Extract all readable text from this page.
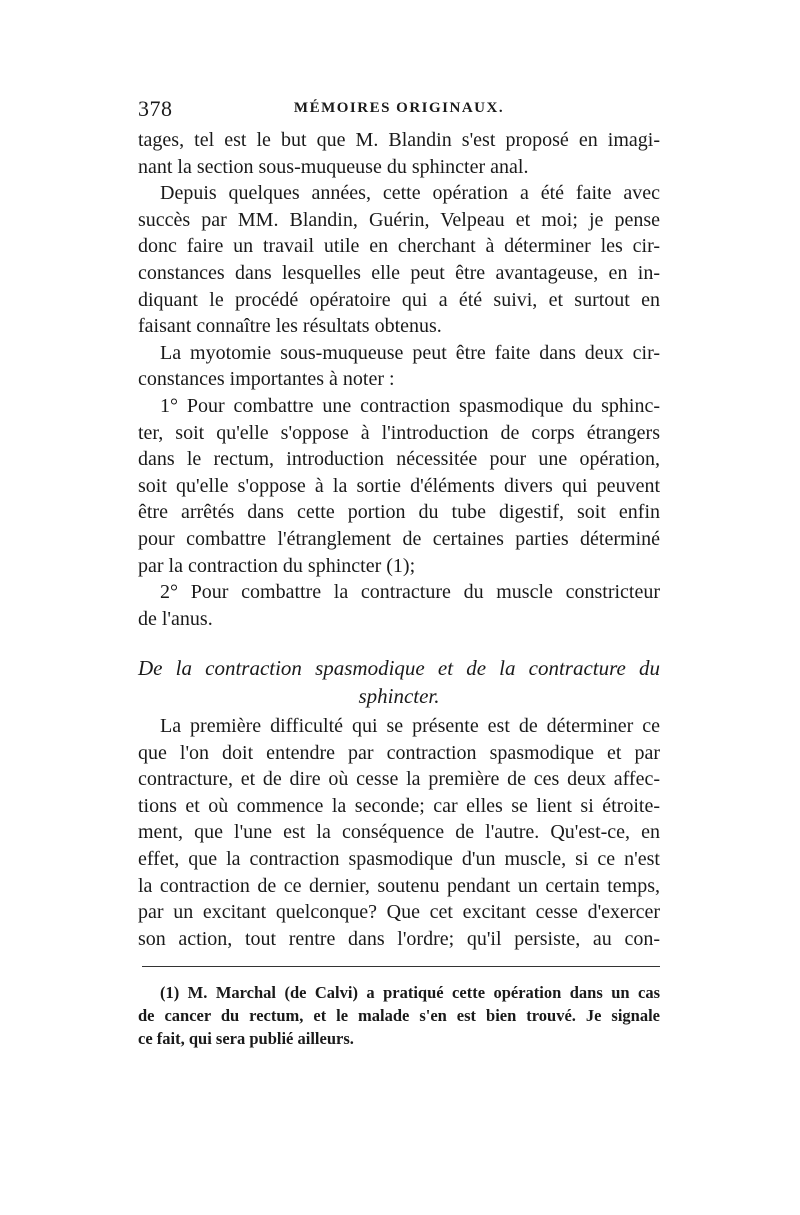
378	MÉMOIRES ORIGINAUX.
tages, tel est le but que M. Blandin s'est proposé en imagi-
nant la section sous-muqueuse du sphincter anal.
Depuis quelques années, cette opération a été faite avec
succès par MM. Blandin, Guérin, Velpeau et moi; je pense
donc faire un travail utile en cherchant à déterminer les cir-
constances dans lesquelles elle peut être avantageuse, en in-
diquant le procédé opératoire qui a été suivi, et surtout en
faisant connaître les résultats obtenus.
La myotomie sous-muqueuse peut être faite dans deux cir-
constances importantes à noter :
1° Pour combattre une contraction spasmodique du sphinc-
ter, soit qu'elle s'oppose à l'introduction de corps étrangers
dans le rectum, introduction nécessitée pour une opération,
soit qu'elle s'oppose à la sortie d'éléments divers qui peuvent
être arrêtés dans cette portion du tube digestif, soit enfin
pour combattre l'étranglement de certaines parties déterminé
par la contraction du sphincter (1);
2° Pour combattre la contracture du muscle constricteur
de l'anus.
De la contraction spasmodique et de la contracture du
sphincter.
La première difficulté qui se présente est de déterminer ce
que l'on doit entendre par contraction spasmodique et par
contracture, et de dire où cesse la première de ces deux affec-
tions et où commence la seconde; car elles se lient si étroite-
ment, que l'une est la conséquence de l'autre. Qu'est-ce, en
effet, que la contraction spasmodique d'un muscle, si ce n'est
la contraction de ce dernier, soutenu pendant un certain temps,
par un excitant quelconque? Que cet excitant cesse d'exercer
son action, tout rentre dans l'ordre; qu'il persiste, au con-
(1) M. Marchal (de Calvi) a pratiqué cette opération dans un cas
de cancer du rectum, et le malade s'en est bien trouvé. Je signale
ce fait, qui sera publié ailleurs.
